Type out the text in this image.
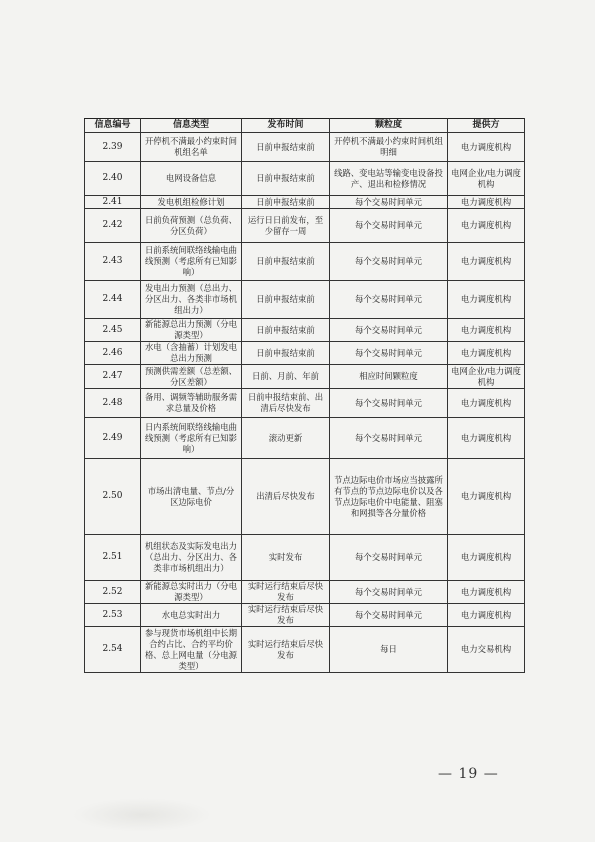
信息编号	信息类型	发布时间	颗粒度	提供方
2.39	开停机不满最小约束时间机组名单	日前申报结束前	开停机不满最小约束时间机组明细	电力调度机构
2.40	电网设备信息	日前申报结束前	线路、变电站等输变电设备投产、退出和检修情况	电网企业/电力调度机构
2.41	发电机组检修计划	日前申报结束前	每个交易时间单元	电力调度机构
2.42	日前负荷预测（总负荷、分区负荷）	运行日日前发布，至少留存一周	每个交易时间单元	电力调度机构
2.43	日前系统间联络线输电曲线预测（考虑所有已知影响）	日前申报结束前	每个交易时间单元	电力调度机构
2.44	发电出力预测（总出力、分区出力、各类非市场机组出力）	日前申报结束前	每个交易时间单元	电力调度机构
2.45	新能源总出力预测（分电源类型）	日前申报结束前	每个交易时间单元	电力调度机构
2.46	水电（含抽蓄）计划发电总出力预测	日前申报结束前	每个交易时间单元	电力调度机构
2.47	预测供需差额（总差额、分区差额）	日前、月前、年前	相应时间颗粒度	电网企业/电力调度机构
2.48	备用、调频等辅助服务需求总量及价格	日前申报结束前、出清后尽快发布	每个交易时间单元	电力调度机构
2.49	日内系统间联络线输电曲线预测（考虑所有已知影响）	滚动更新	每个交易时间单元	电力调度机构
2.50	市场出清电量、节点/分区边际电价	出清后尽快发布	节点边际电价市场应当披露所有节点的节点边际电价以及各节点边际电价中电能量、阻塞和网损等各分量价格	电力调度机构
2.51	机组状态及实际发电出力（总出力、分区出力、各类非市场机组出力）	实时发布	每个交易时间单元	电力调度机构
2.52	新能源总实时出力（分电源类型）	实时运行结束后尽快发布	每个交易时间单元	电力调度机构
2.53	水电总实时出力	实时运行结束后尽快发布	每个交易时间单元	电力调度机构
2.54	参与现货市场机组中长期合约占比、合约平均价格、总上网电量（分电源类型）	实时运行结束后尽快发布	每日	电力交易机构
— 19 —
